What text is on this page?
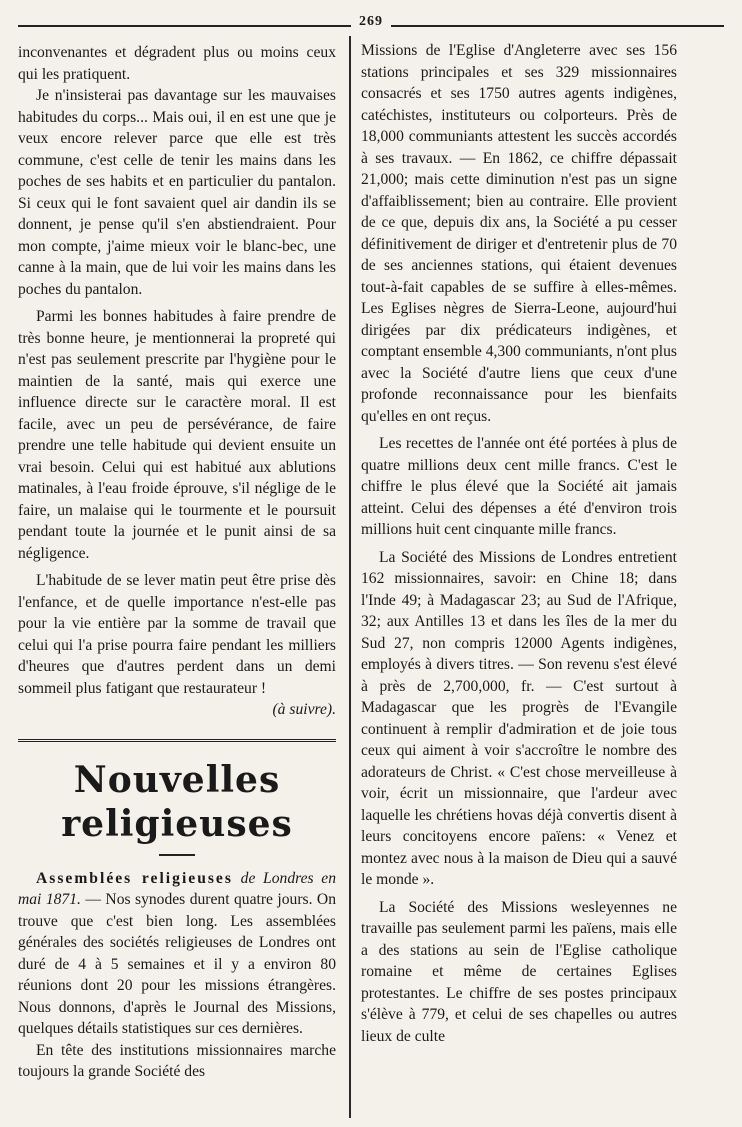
269

inconvenantes et dégradent plus ou moins ceux qui les pratiquent.

Je n'insisterai pas davantage sur les mauvaises habitudes du corps... Mais oui, il en est une que je veux encore relever parce que elle est très commune, c'est celle de tenir les mains dans les poches de ses habits et en particulier du pantalon. Si ceux qui le font savaient quel air dandin ils se donnent, je pense qu'il s'en abstiendraient. Pour mon compte, j'aime mieux voir le blanc-bec, une canne à la main, que de lui voir les mains dans les poches du pantalon.

Parmi les bonnes habitudes à faire prendre de très bonne heure, je mentionnerai la propreté qui n'est pas seulement prescrite par l'hygiène pour le maintien de la santé, mais qui exerce une influence directe sur le caractère moral. Il est facile, avec un peu de persévérance, de faire prendre une telle habitude qui devient ensuite un vrai besoin. Celui qui est habitué aux ablutions matinales, à l'eau froide éprouve, s'il néglige de le faire, un malaise qui le tourmente et le poursuit pendant toute la journée et le punit ainsi de sa négligence.

L'habitude de se lever matin peut être prise dès l'enfance, et de quelle importance n'est-elle pas pour la vie entière par la somme de travail que celui qui l'a prise pourra faire pendant les milliers d'heures que d'autres perdent dans un demi sommeil plus fatigant que restaurateur !

(à suivre).

Nouvelles religieuses

Assemblées religieuses de Londres en mai 1871. — Nos synodes durent quatre jours. On trouve que c'est bien long. Les assemblées générales des sociétés religieuses de Londres ont duré de 4 à 5 semaines et il y a environ 80 réunions dont 20 pour les missions étrangères. Nous donnons, d'après le Journal des Missions, quelques détails statistiques sur ces dernières.

En tête des institutions missionnaires marche toujours la grande Société des

Missions de l'Eglise d'Angleterre avec ses 156 stations principales et ses 329 missionnaires consacrés et ses 1750 autres agents indigènes, catéchistes, instituteurs ou colporteurs. Près de 18,000 communiants attestent les succès accordés à ses travaux. — En 1862, ce chiffre dépassait 21,000; mais cette diminution n'est pas un signe d'affaiblissement; bien au contraire. Elle provient de ce que, depuis dix ans, la Société a pu cesser définitivement de diriger et d'entretenir plus de 70 de ses anciennes stations, qui étaient devenues tout-à-fait capables de se suffire à elles-mêmes. Les Eglises nègres de Sierra-Leone, aujourd'hui dirigées par dix prédicateurs indigènes, et comptant ensemble 4,300 communiants, n'ont plus avec la Société d'autre liens que ceux d'une profonde reconnaissance pour les bienfaits qu'elles en ont reçus.

Les recettes de l'année ont été portées à plus de quatre millions deux cent mille francs. C'est le chiffre le plus élevé que la Société ait jamais atteint. Celui des dépenses a été d'environ trois millions huit cent cinquante mille francs.

La Société des Missions de Londres entretient 162 missionnaires, savoir: en Chine 18; dans l'Inde 49; à Madagascar 23; au Sud de l'Afrique, 32; aux Antilles 13 et dans les îles de la mer du Sud 27, non compris 12000 Agents indigènes, employés à divers titres. — Son revenu s'est élevé à près de 2,700,000, fr. — C'est surtout à Madagascar que les progrès de l'Evangile continuent à remplir d'admiration et de joie tous ceux qui aiment à voir s'accroître le nombre des adorateurs de Christ. « C'est chose merveilleuse à voir, écrit un missionnaire, que l'ardeur avec laquelle les chrétiens hovas déjà convertis disent à leurs concitoyens encore païens: « Venez et montez avec nous à la maison de Dieu qui a sauvé le monde ».

La Société des Missions wesleyennes ne travaille pas seulement parmi les païens, mais elle a des stations au sein de l'Eglise catholique romaine et même de certaines Eglises protestantes. Le chiffre de ses postes principaux s'élève à 779, et celui de ses chapelles ou autres lieux de culte
